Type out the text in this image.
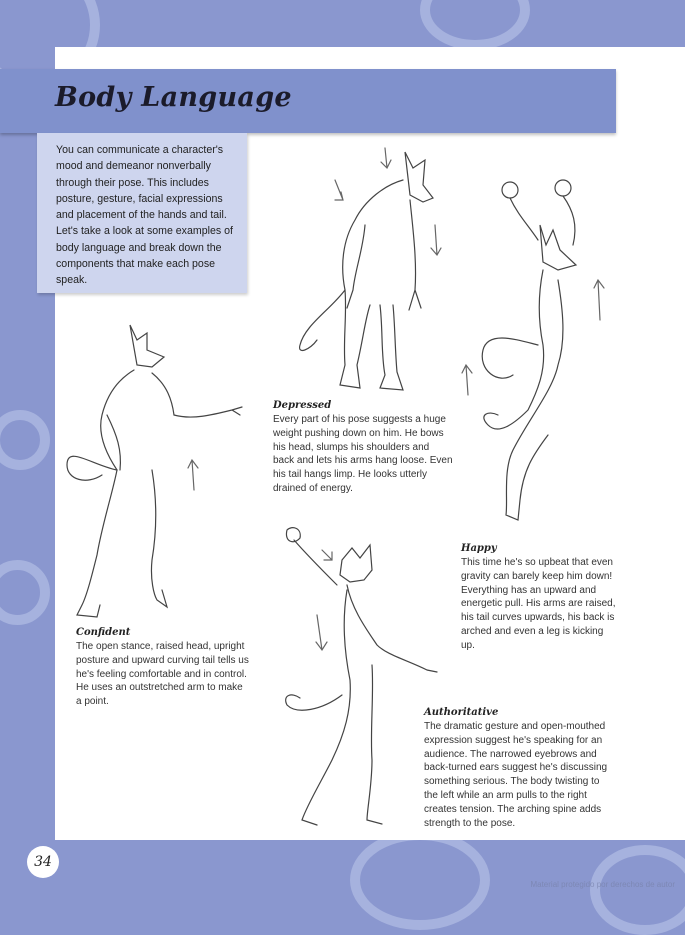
Body Language
You can communicate a character's mood and demeanor nonverbally through their pose. This includes posture, gesture, facial expressions and placement of the hands and tail. Let's take a look at some examples of body language and break down the components that make each pose speak.
Depressed
Every part of his pose suggests a huge weight pushing down on him. He bows his head, slumps his shoulders and back and lets his arms hang loose. Even his tail hangs limp. He looks utterly drained of energy.
Happy
This time he's so upbeat that even gravity can barely keep him down! Everything has an upward and energetic pull. His arms are raised, his tail curves upwards, his back is arched and even a leg is kicking up.
Confident
The open stance, raised head, upright posture and upward curving tail tells us he's feeling comfortable and in control. He uses an outstretched arm to make a point.
Authoritative
The dramatic gesture and open-mouthed expression suggest he's speaking for an audience. The narrowed eyebrows and back-turned ears suggest he's discussing something serious. The body twisting to the left while an arm pulls to the right creates tension. The arching spine adds strength to the pose.
34
Material protegido por derechos de autor
